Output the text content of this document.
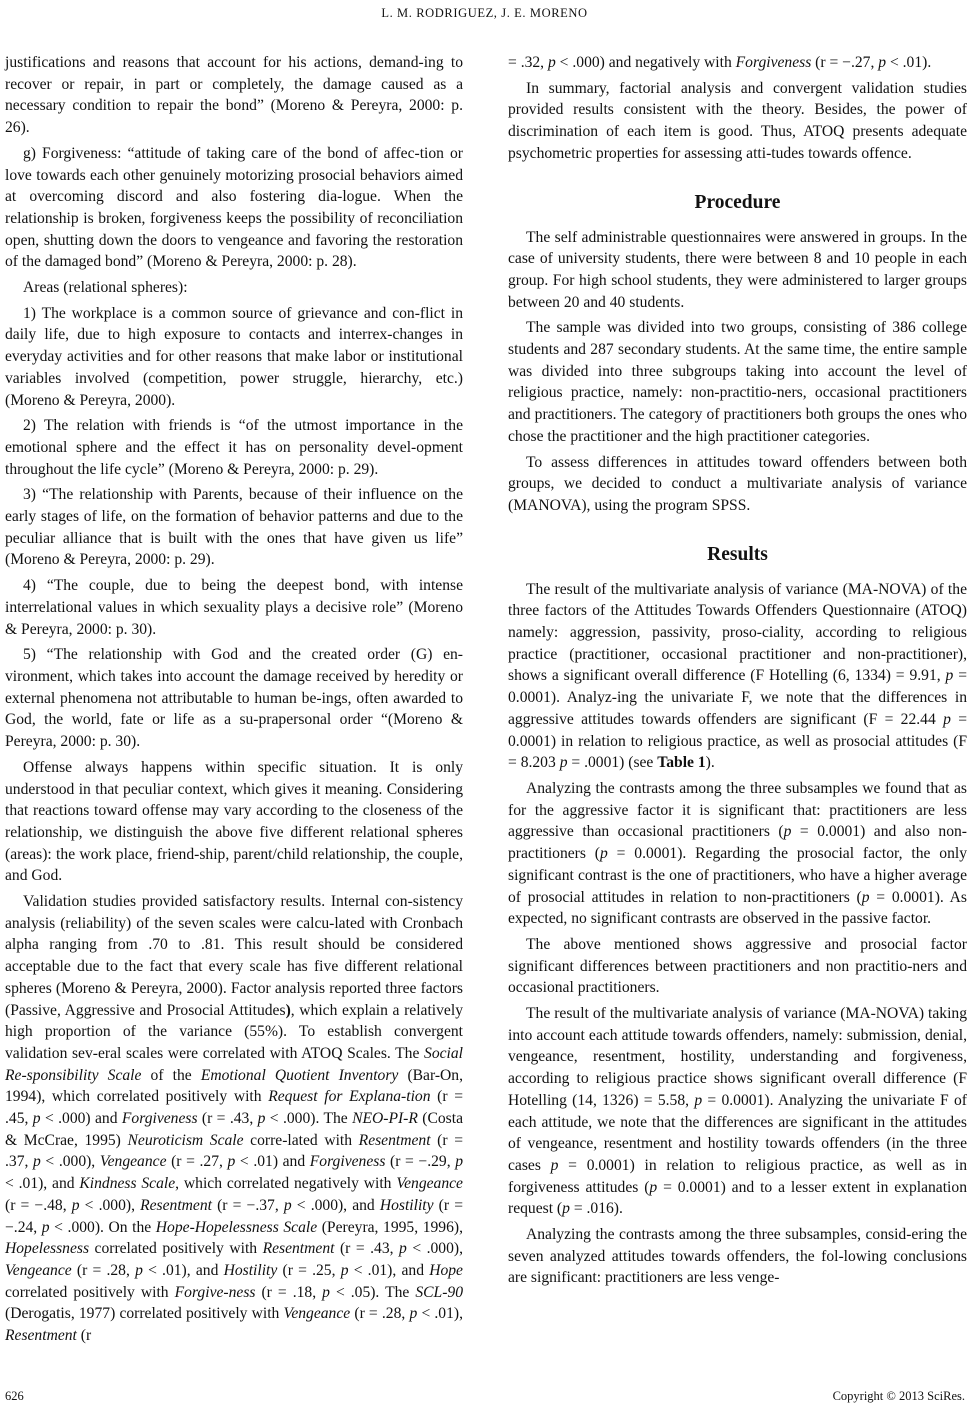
L. M. RODRIGUEZ, J. E. MORENO

justifications and reasons that account for his actions, demand-ing to recover or repair, in part or completely, the damage caused as a necessary condition to repair the bond” (Moreno & Pereyra, 2000: p. 26).

g) Forgiveness: “attitude of taking care of the bond of affec-tion or love towards each other genuinely motorizing prosocial behaviors aimed at overcoming discord and also fostering dia-logue. When the relationship is broken, forgiveness keeps the possibility of reconciliation open, shutting down the doors to vengeance and favoring the restoration of the damaged bond” (Moreno & Pereyra, 2000: p. 28).

Areas (relational spheres):

1) The workplace is a common source of grievance and con-flict in daily life, due to high exposure to contacts and interrex-changes in everyday activities and for other reasons that make labor or institutional variables involved (competition, power struggle, hierarchy, etc.) (Moreno & Pereyra, 2000).

2) The relation with friends is “of the utmost importance in the emotional sphere and the effect it has on personality devel-opment throughout the life cycle” (Moreno & Pereyra, 2000: p. 29).

3) “The relationship with Parents, because of their influence on the early stages of life, on the formation of behavior patterns and due to the peculiar alliance that is built with the ones that have given us life” (Moreno & Pereyra, 2000: p. 29).

4) “The couple, due to being the deepest bond, with intense interrelational values in which sexuality plays a decisive role” (Moreno & Pereyra, 2000: p. 30).

5) “The relationship with God and the created order (G) en-vironment, which takes into account the damage received by heredity or external phenomena not attributable to human be-ings, often awarded to God, the world, fate or life as a su-prapersonal order “(Moreno & Pereyra, 2000: p. 30).

Offense always happens within specific situation. It is only understood in that peculiar context, which gives it meaning. Considering that reactions toward offense may vary according to the closeness of the relationship, we distinguish the above five different relational spheres (areas): the work place, friend-ship, parent/child relationship, the couple, and God.

Validation studies provided satisfactory results. Internal con-sistency analysis (reliability) of the seven scales were calcu-lated with Cronbach alpha ranging from .70 to .81. This result should be considered acceptable due to the fact that every scale has five different relational spheres (Moreno & Pereyra, 2000). Factor analysis reported three factors (Passive, Aggressive and Prosocial Attitudes), which explain a relatively high proportion of the variance (55%). To establish convergent validation sev-eral scales were correlated with ATOQ Scales. The Social Re-sponsibility Scale of the Emotional Quotient Inventory (Bar-On, 1994), which correlated positively with Request for Explana-tion (r = .45, p < .000) and Forgiveness (r = .43, p < .000). The NEO-PI-R (Costa & McCrae, 1995) Neuroticism Scale corre-lated with Resentment (r = .37, p < .000), Vengeance (r = .27, p < .01) and Forgiveness (r = −.29, p < .01), and Kindness Scale, which correlated negatively with Vengeance (r = −.48, p < .000), Resentment (r = −.37, p < .000), and Hostility (r = −.24, p < .000). On the Hope-Hopelessness Scale (Pereyra, 1995, 1996), Hopelessness correlated positively with Resentment (r = .43, p < .000), Vengeance (r = .28, p < .01), and Hostility (r = .25, p < .01), and Hope correlated positively with Forgive-ness (r = .18, p < .05). The SCL-90 (Derogatis, 1977) correlated positively with Vengeance (r = .28, p < .01), Resentment (r

= .32, p < .000) and negatively with Forgiveness (r = −.27, p < .01).

In summary, factorial analysis and convergent validation studies provided results consistent with the theory. Besides, the power of discrimination of each item is good. Thus, ATOQ presents adequate psychometric properties for assessing atti-tudes towards offence.

Procedure

The self administrable questionnaires were answered in groups. In the case of university students, there were between 8 and 10 people in each group. For high school students, they were administered to larger groups between 20 and 40 students.

The sample was divided into two groups, consisting of 386 college students and 287 secondary students. At the same time, the entire sample was divided into three subgroups taking into account the level of religious practice, namely: non-practitio-ners, occasional practitioners and practitioners. The category of practitioners both groups the ones who chose the practitioner and the high practitioner categories.

To assess differences in attitudes toward offenders between both groups, we decided to conduct a multivariate analysis of variance (MANOVA), using the program SPSS.

Results

The result of the multivariate analysis of variance (MA-NOVA) of the three factors of the Attitudes Towards Offenders Questionnaire (ATOQ) namely: aggression, passivity, proso-ciality, according to religious practice (practitioner, occasional practitioner and non-practitioner), shows a significant overall difference (F Hotelling (6, 1334) = 9.91, p = 0.0001). Analyz-ing the univariate F, we note that the differences in aggressive attitudes towards offenders are significant (F = 22.44 p = 0.0001) in relation to religious practice, as well as prosocial attitudes (F = 8.203 p = .0001) (see Table 1).

Analyzing the contrasts among the three subsamples we found that as for the aggressive factor it is significant that: practitioners are less aggressive than occasional practitioners (p = 0.0001) and also non-practitioners (p = 0.0001). Regarding the prosocial factor, the only significant contrast is the one of practitioners, who have a higher average of prosocial attitudes in relation to non-practitioners (p = 0.0001). As expected, no significant contrasts are observed in the passive factor.

The above mentioned shows aggressive and prosocial factor significant differences between practitioners and non practitio-ners and occasional practitioners.

The result of the multivariate analysis of variance (MA-NOVA) taking into account each attitude towards offenders, namely: submission, denial, vengeance, resentment, hostility, understanding and forgiveness, according to religious practice shows significant overall difference (F Hotelling (14, 1326) = 5.58, p = 0.0001). Analyzing the univariate F of each attitude, we note that the differences are significant in the attitudes of vengeance, resentment and hostility towards offenders (in the three cases p = 0.0001) in relation to religious practice, as well as in forgiveness attitudes (p = 0.0001) and to a lesser extent in explanation request (p = .016).

Analyzing the contrasts among the three subsamples, consid-ering the seven analyzed attitudes towards offenders, the fol-lowing conclusions are significant: practitioners are less venge-

626	Copyright © 2013 SciRes.
